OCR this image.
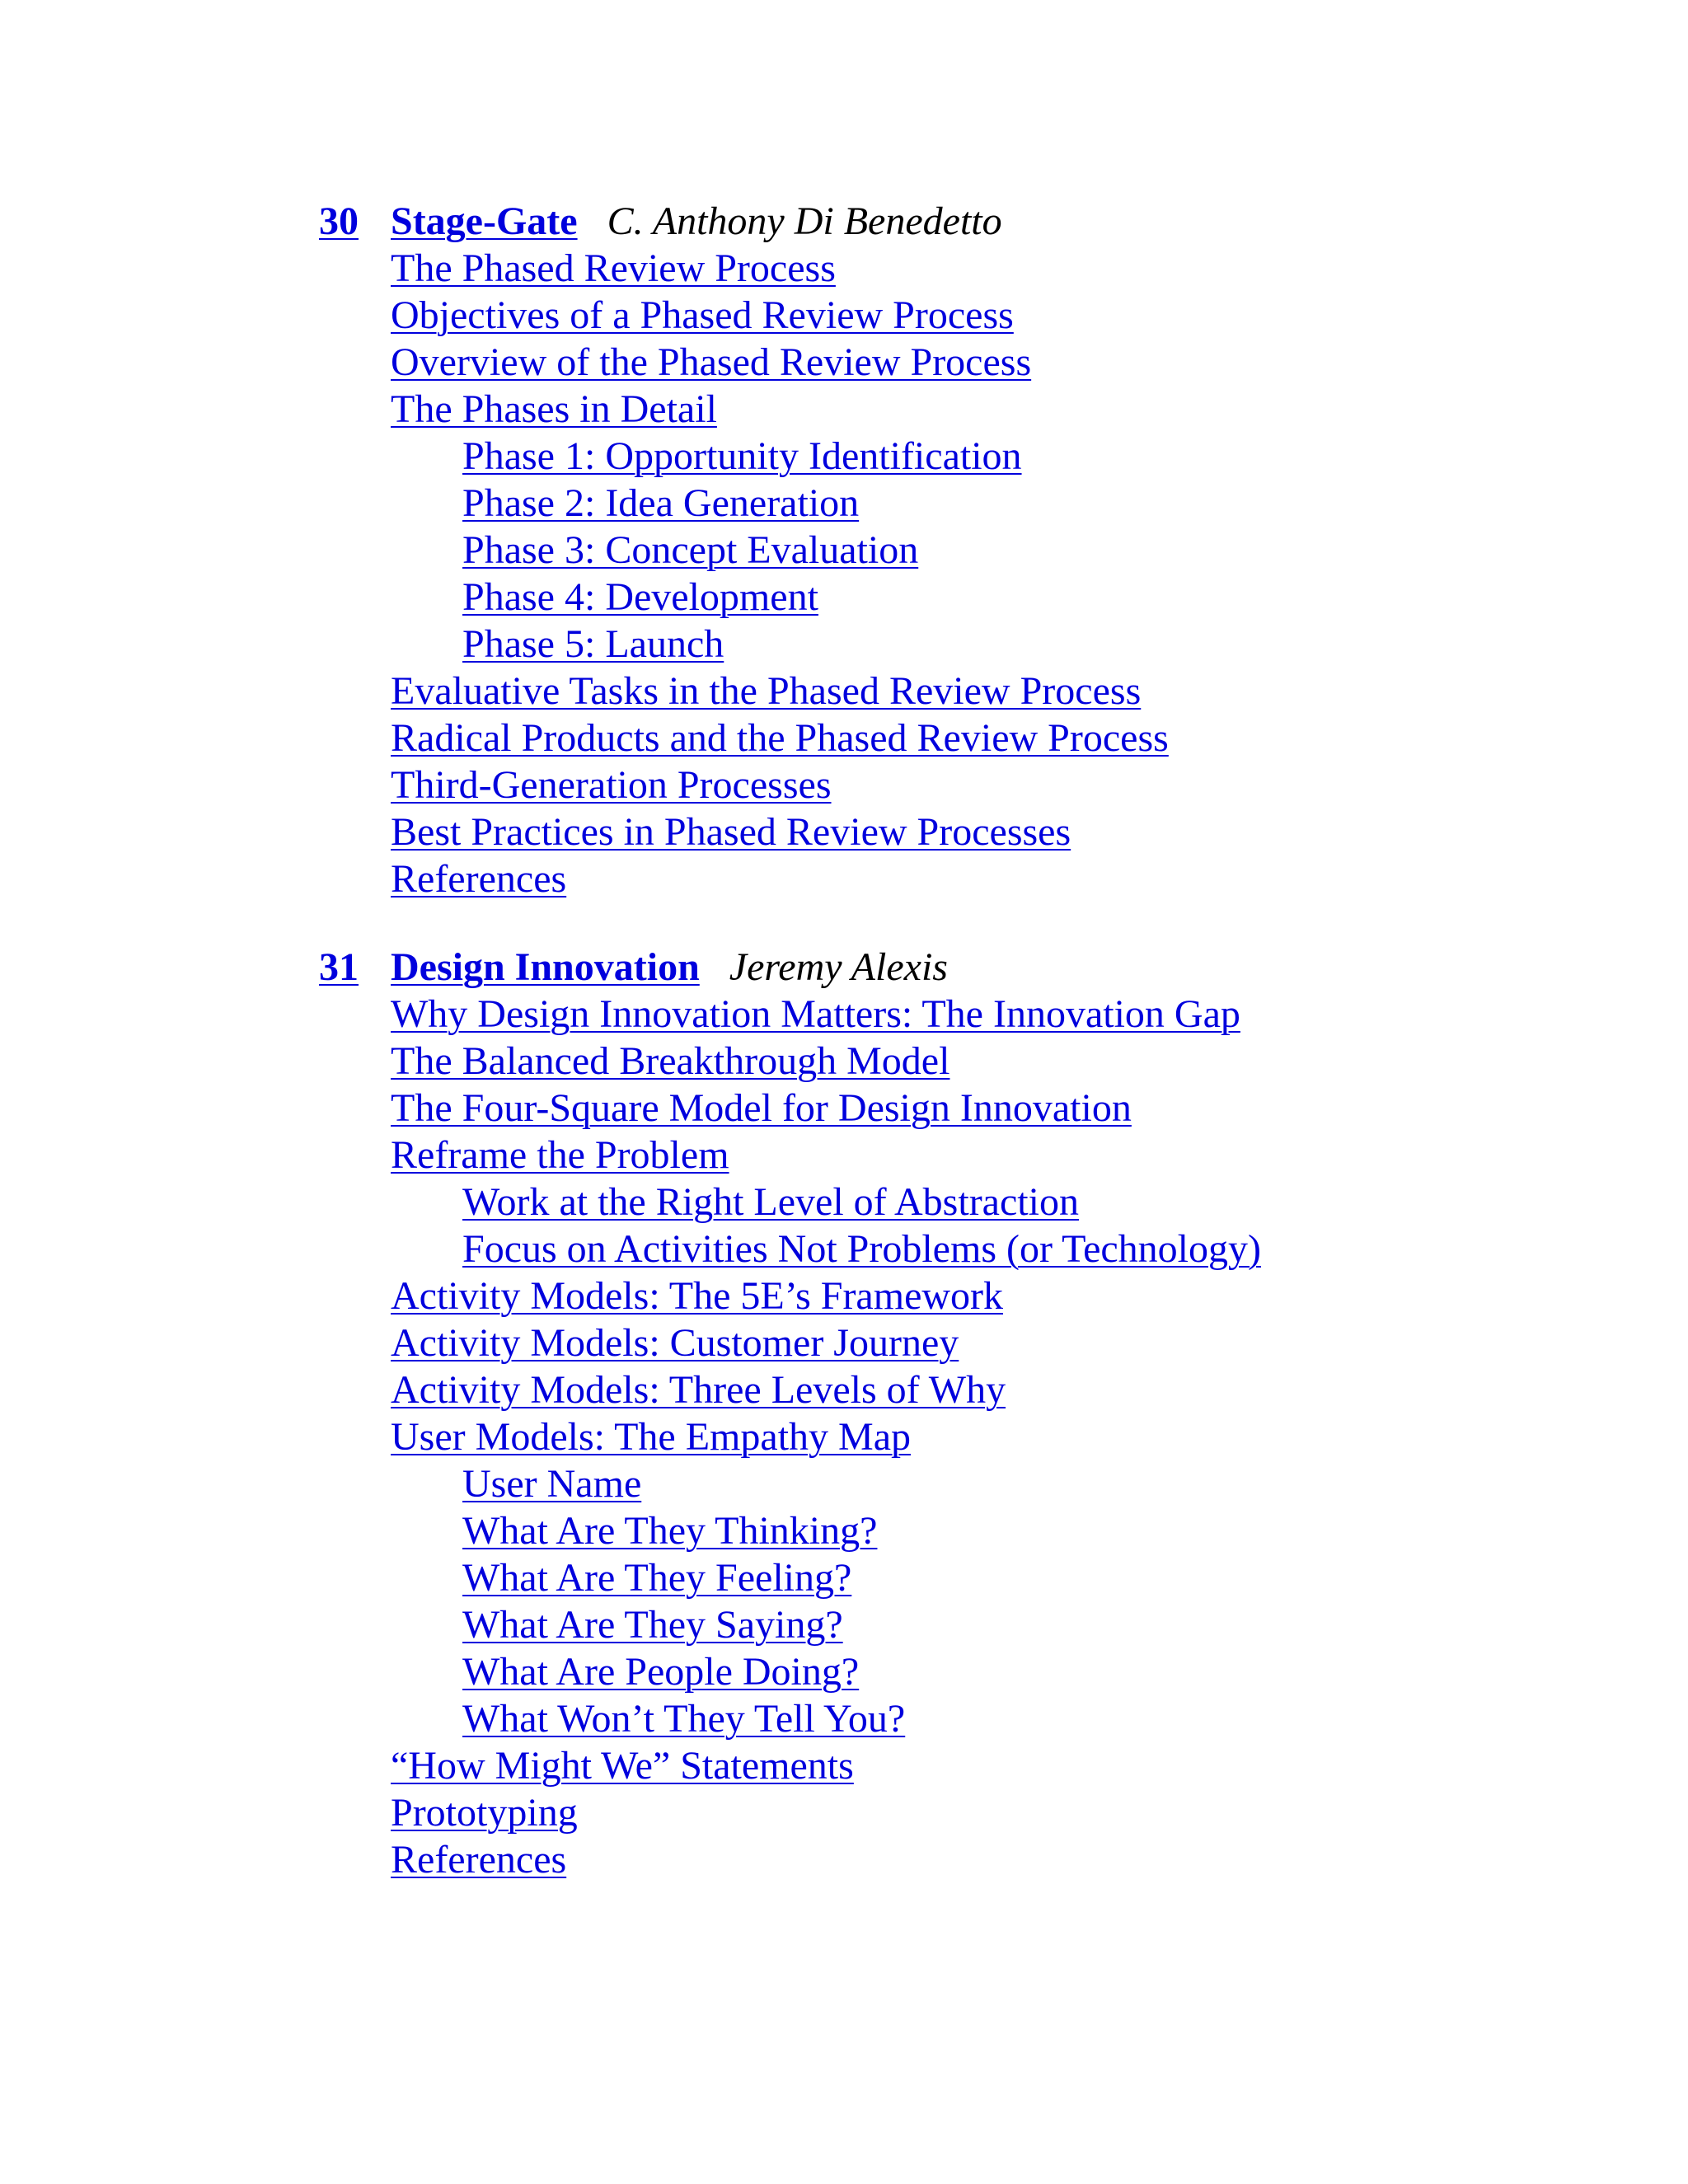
30 Stage-Gate C. Anthony Di Benedetto
The Phased Review Process
Objectives of a Phased Review Process
Overview of the Phased Review Process
The Phases in Detail
Phase 1: Opportunity Identification
Phase 2: Idea Generation
Phase 3: Concept Evaluation
Phase 4: Development
Phase 5: Launch
Evaluative Tasks in the Phased Review Process
Radical Products and the Phased Review Process
Third-Generation Processes
Best Practices in Phased Review Processes
References
31 Design Innovation Jeremy Alexis
Why Design Innovation Matters: The Innovation Gap
The Balanced Breakthrough Model
The Four-Square Model for Design Innovation
Reframe the Problem
Work at the Right Level of Abstraction
Focus on Activities Not Problems (or Technology)
Activity Models: The 5E’s Framework
Activity Models: Customer Journey
Activity Models: Three Levels of Why
User Models: The Empathy Map
User Name
What Are They Thinking?
What Are They Feeling?
What Are They Saying?
What Are People Doing?
What Won’t They Tell You?
“How Might We” Statements
Prototyping
References
